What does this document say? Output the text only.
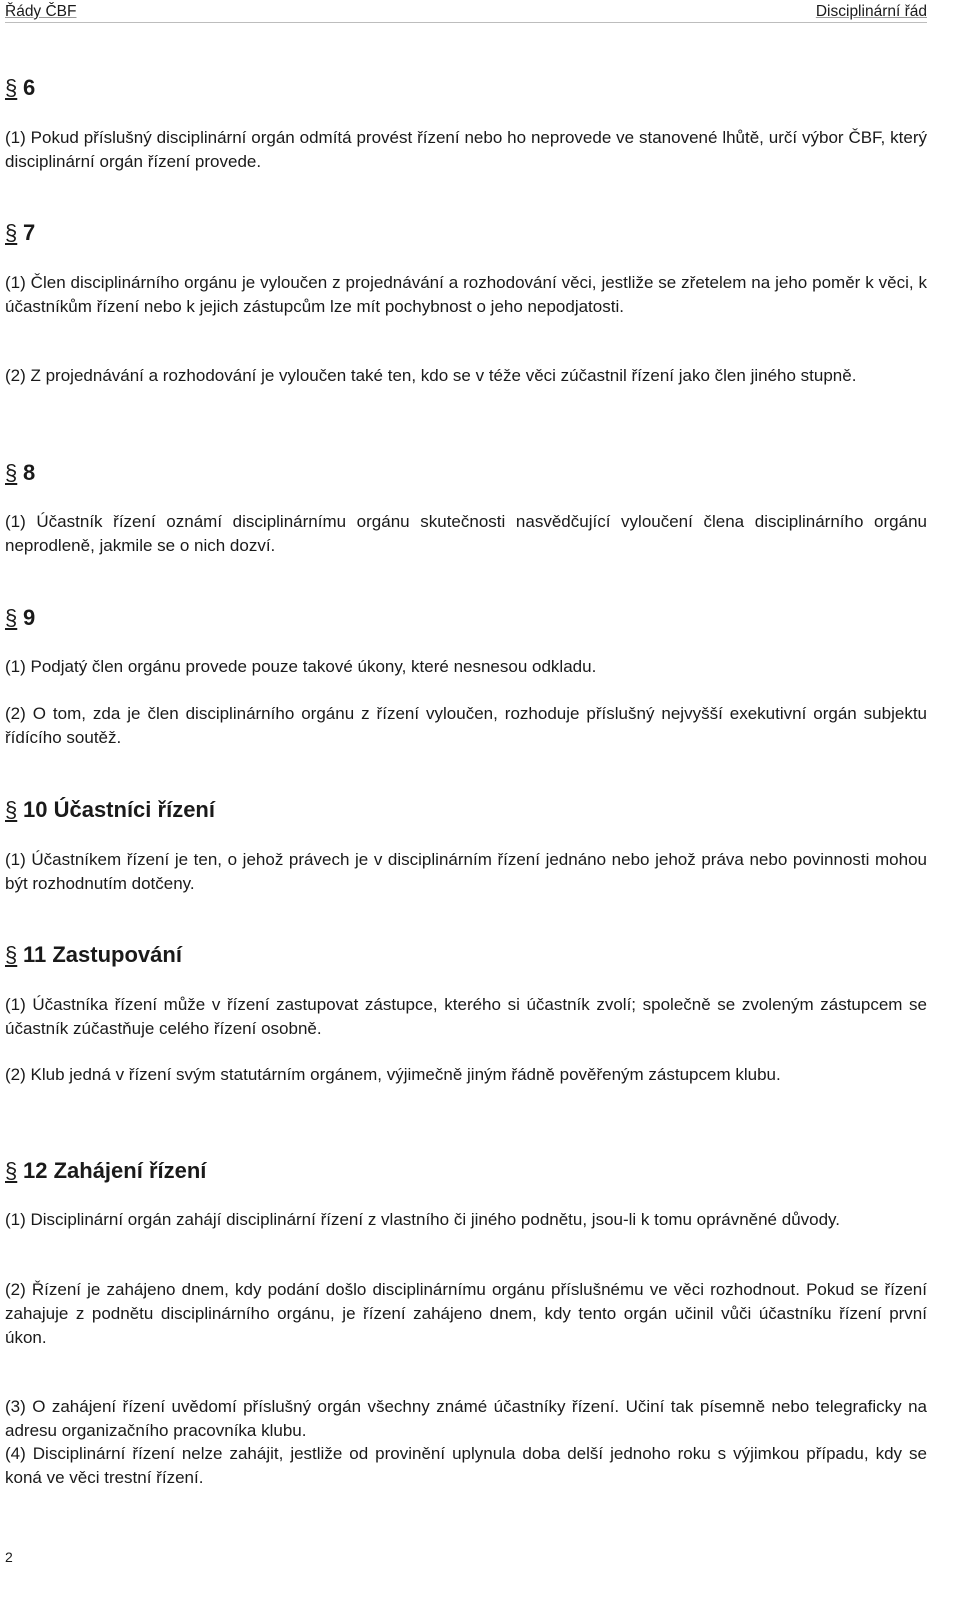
Řády ČBF	Disciplinární řád
§ 6
(1) Pokud příslušný disciplinární orgán odmítá provést řízení nebo ho neprovede ve stanovené lhůtě, určí výbor ČBF, který disciplinární orgán řízení provede.
§ 7
(1) Člen disciplinárního orgánu je vyloučen z projednávání a rozhodování věci, jestliže se zřetelem na jeho poměr k věci, k účastníkům řízení nebo k jejich zástupcům lze mít pochybnost o jeho nepodjatosti.
(2) Z projednávání a rozhodování je vyloučen také ten, kdo se v téže věci zúčastnil řízení jako člen jiného stupně.
§ 8
(1) Účastník řízení oznámí disciplinárnímu orgánu skutečnosti nasvědčující vyloučení člena disciplinárního orgánu neprodleně, jakmile se o nich dozví.
§ 9
(1) Podjatý člen orgánu provede pouze takové úkony, které nesnesou odkladu.
(2) O tom, zda je člen disciplinárního orgánu z řízení vyloučen, rozhoduje příslušný nejvyšší exekutivní orgán subjektu řídícího soutěž.
§ 10 Účastníci řízení
(1) Účastníkem řízení je ten, o jehož právech je v disciplinárním řízení jednáno nebo jehož práva nebo povinnosti mohou být rozhodnutím dotčeny.
§ 11 Zastupování
(1) Účastníka řízení může v řízení zastupovat zástupce, kterého si účastník zvolí; společně se zvoleným zástupcem se účastník zúčastňuje celého řízení osobně.
(2) Klub jedná v řízení svým statutárním orgánem, výjimečně jiným řádně pověřeným zástupcem klubu.
§ 12 Zahájení řízení
(1) Disciplinární orgán zahájí disciplinární řízení z vlastního či jiného podnětu, jsou-li k tomu oprávněné důvody.
(2) Řízení je zahájeno dnem, kdy podání došlo disciplinárnímu orgánu příslušnému ve věci rozhodnout. Pokud se řízení zahajuje z podnětu disciplinárního orgánu, je řízení zahájeno dnem, kdy tento orgán učinil vůči účastníku řízení první úkon.
(3) O zahájení řízení uvědomí příslušný orgán všechny známé účastníky řízení. Učiní tak písemně nebo telegraficky na adresu organizačního pracovníka klubu.
(4) Disciplinární řízení nelze zahájit, jestliže od provinění uplynula doba delší jednoho roku s výjimkou případu, kdy se koná ve věci trestní řízení.
2
